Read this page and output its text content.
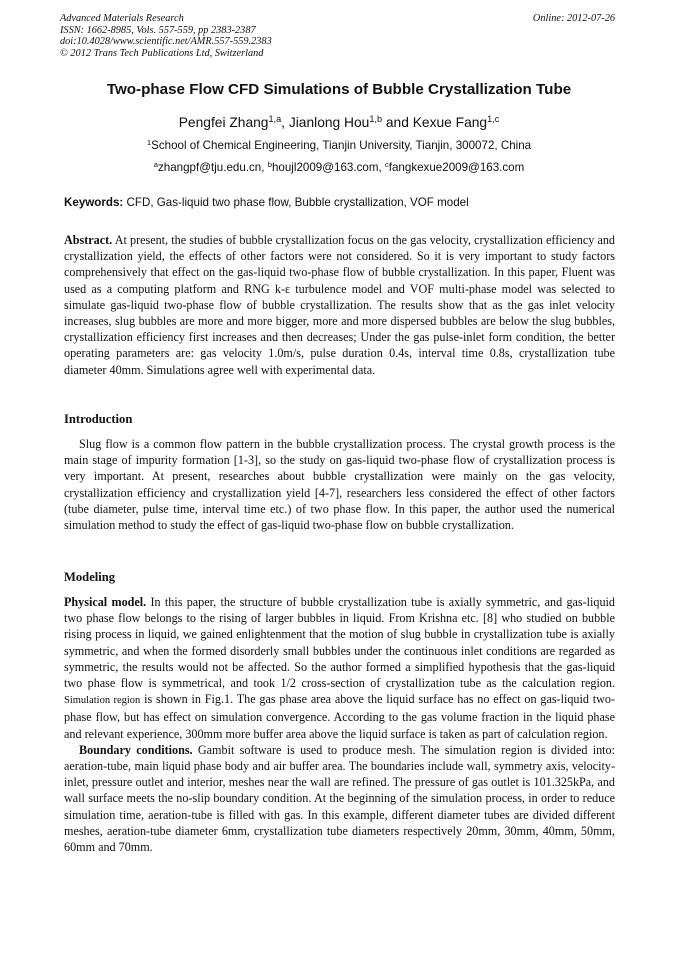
Advanced Materials Research
ISSN: 1662-8985, Vols. 557-559, pp 2383-2387
doi:10.4028/www.scientific.net/AMR.557-559.2383
© 2012 Trans Tech Publications Ltd, Switzerland
Online: 2012-07-26
Two-phase Flow CFD Simulations of Bubble Crystallization Tube
Pengfei Zhang$^{1,a}$, Jianlong Hou$^{1,b}$ and Kexue Fang$^{1,c}$
$^1$School of Chemical Engineering, Tianjin University, Tianjin, 300072, China
$^a$zhangpf@tju.edu.cn, $^b$houjl2009@163.com, $^c$fangkexue2009@163.com
Keywords: CFD, Gas-liquid two phase flow, Bubble crystallization, VOF model

Abstract. At present, the studies of bubble crystallization focus on the gas velocity, crystallization efficiency and crystallization yield, the effects of other factors were not considered. So it is very important to study factors comprehensively that effect on the gas-liquid two-phase flow of bubble crystallization. In this paper, Fluent was used as a computing platform and RNG k-ε turbulence model and VOF multi-phase model was selected to simulate gas-liquid two-phase flow of bubble crystallization. The results show that as the gas inlet velocity increases, slug bubbles are more and more bigger, more and more dispersed bubbles are below the slug bubbles, crystallization efficiency first increases and then decreases; Under the gas pulse-inlet form condition, the better operating parameters are: gas velocity 1.0m/s, pulse duration 0.4s, interval time 0.8s, crystallization tube diameter 40mm. Simulations agree well with experimental data.

Introduction

Slug flow is a common flow pattern in the bubble crystallization process. The crystal growth process is the main stage of impurity formation [1-3], so the study on gas-liquid two-phase flow of crystallization process is very important. At present, researches about bubble crystallization were mainly on the gas velocity, crystallization efficiency and crystallization yield [4-7], researchers less considered the effect of other factors (tube diameter, pulse time, interval time etc.) of two phase flow. In this paper, the author used the numerical simulation method to study the effect of gas-liquid two-phase flow on bubble crystallization.

Modeling

Physical model. In this paper, the structure of bubble crystallization tube is axially symmetric, and gas-liquid two phase flow belongs to the rising of larger bubbles in liquid. From Krishna etc. [8] who studied on bubble rising process in liquid, we gained enlightenment that the motion of slug bubble in crystallization tube is axially symmetric, and when the formed disorderly small bubbles under the continuous inlet conditions are regarded as symmetric, the results would not be affected. So the author formed a simplified hypothesis that the gas-liquid two phase flow is symmetrical, and took 1/2 cross-section of crystallization tube as the calculation region. Simulation region is shown in Fig.1. The gas phase area above the liquid surface has no effect on gas-liquid two-phase flow, but has effect on simulation convergence. According to the gas volume fraction in the liquid phase and relevant experience, 300mm more buffer area above the liquid surface is taken as part of calculation region.

Boundary conditions. Gambit software is used to produce mesh. The simulation region is divided into: aeration-tube, main liquid phase body and air buffer area. The boundaries include wall, symmetry axis, velocity-inlet, pressure outlet and interior, meshes near the wall are refined. The pressure of gas outlet is 101.325kPa, and wall surface meets the no-slip boundary condition. At the beginning of the simulation process, in order to reduce simulation time, aeration-tube is filled with gas. In this example, different diameter tubes are divided different meshes, aeration-tube diameter 6mm, crystallization tube diameters respectively 20mm, 30mm, 40mm, 50mm, 60mm and 70mm.
